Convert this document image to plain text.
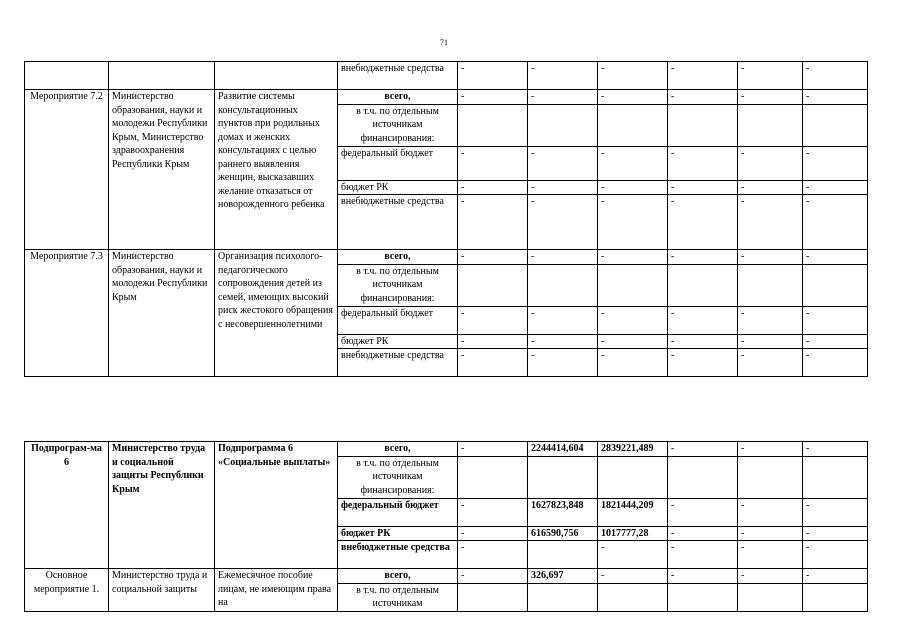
71
			внебюджетные средства	-	-	-	-	-	-
Мероприятие 7.2	Министерство образования, науки и молодежи Республики Крым, Министерство здравоохранения Республики Крым	Развитие системы консультационных пунктов при родильных домах и женских консультациях с целью раннего выявления женщин, высказавших желание отказаться от новорожденного ребенка	всего,	-	-	-	-	-	-
			в т.ч. по отдельным источникам финансирования:						
			федеральный бюджет	-	-	-	-	-	-
			бюджет РК	-	-	-	-	-	-
			внебюджетные средства	-	-	-	-	-	-
Мероприятие 7.3	Министерство образования, науки и молодежи Республики Крым	Организация психолого-педагогического сопровождения детей из семей, имеющих высокий риск жестокого обращения с несовершеннолетними	всего,	-	-	-	-	-	-
			в т.ч. по отдельным источникам финансирования:						
			федеральный бюджет	-	-	-	-	-	-
			бюджет РК	-	-	-	-	-	-
			внебюджетные средства	-	-	-	-	-	-
Подпрограм-ма 6	Министерство труда и социальной защиты Республики Крым	Подпрограмма 6 «Социальные выплаты»	всего,	-	2244414,604	2839221,489	-	-	-
			в т.ч. по отдельным источникам финансирования:						
			федеральный бюджет	-	1627823,848	1821444,209	-	-	-
			бюджет РК	-	616590,756	1017777,28	-	-	-
			внебюджетные средства	-		-	-	-	-
Основное мероприятие 1.	Министерство труда и социальной защиты	Ежемесячное пособие лицам, не имеющим права на	всего,	-	326,697	-	-	-	-
			в т.ч. по отдельным источникам						
